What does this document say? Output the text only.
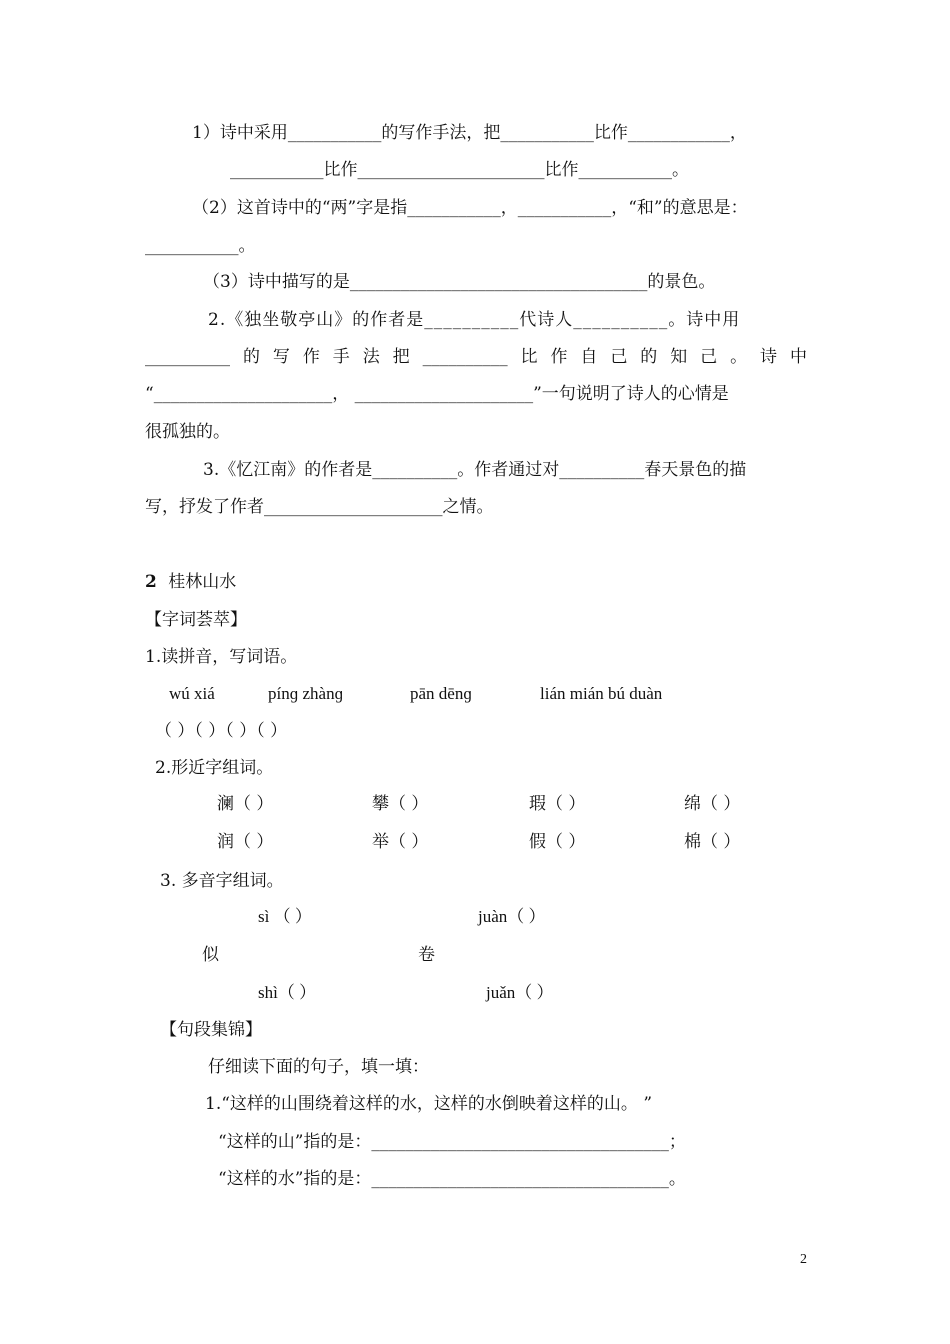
1）诗中采用___________的写作手法，把___________比作____________，
___________比作______________________比作___________。
（2）这首诗中的“两”字是指___________，___________，“和”的意思是：
___________。
（3）诗中描写的是___________________________________的景色。
2.《独坐敬亭山》的作者是__________代诗人__________。诗中用
__________ 的 写 作 手 法 把 __________ 比 作 自 己 的 知 己 。 诗 中
“_____________________， _____________________”一句说明了诗人的心情是
很孤独的。
3.《忆江南》的作者是__________。作者通过对__________春天景色的描
写，抒发了作者_____________________之情。
2 桂林山水
【字词荟萃】
1.读拼音，写词语。
wú xiá	pínɡ zhànɡ	pān dēnɡ	lián mián bú duàn
（ ）（ ）（ ）（ ）
2.形近字组词。
澜（ ）	攀（ ）	瑕（ ）	绵（ ）
润（ ）	举（ ）	假（ ）	棉（ ）
3. 多音字组词。
sì （ ）	juàn（ ）
似	卷
shì（ ）	juǎn（ ）
【句段集锦】
仔细读下面的句子，填一填：
1.“这样的山围绕着这样的水，这样的水倒映着这样的山。 ”
“这样的山”指的是：___________________________________；
“这样的水”指的是：___________________________________。
2
